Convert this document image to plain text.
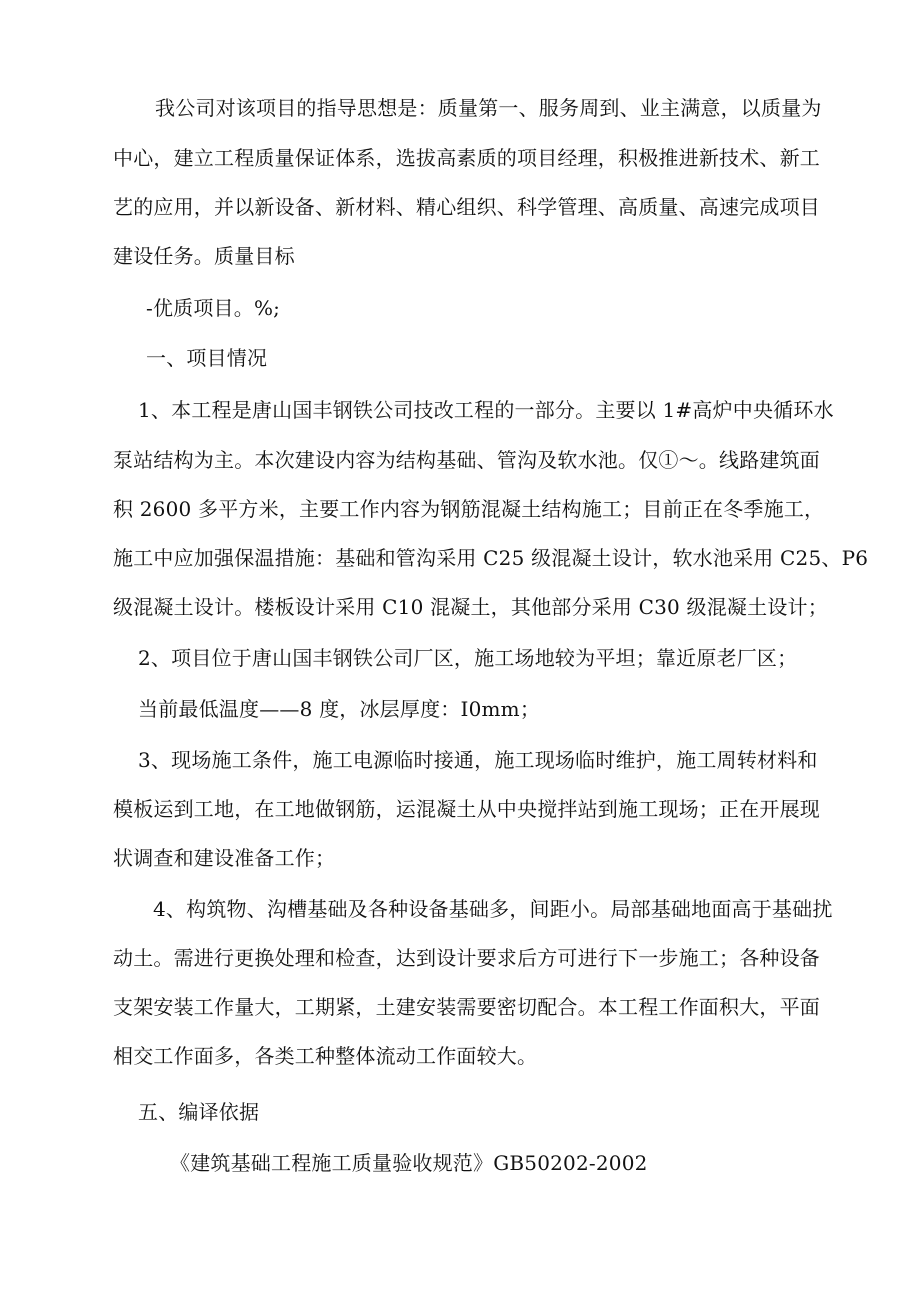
我公司对该项目的指导思想是：质量第一、服务周到、业主满意，以质量为
中心，建立工程质量保证体系，选拔高素质的项目经理，积极推进新技术、新工
艺的应用，并以新设备、新材料、精心组织、科学管理、高质量、高速完成项目
建设任务。质量目标
-优质项目。%;
一、项目情况
1、本工程是唐山国丰钢铁公司技改工程的一部分。主要以 1#高炉中央循环水
泵站结构为主。本次建设内容为结构基础、管沟及软水池。仅①～。线路建筑面
积 2600 多平方米，主要工作内容为钢筋混凝土结构施工；目前正在冬季施工，
施工中应加强保温措施：基础和管沟采用 C25 级混凝土设计，软水池采用 C25、P6
级混凝土设计。楼板设计采用 C10 混凝土，其他部分采用 C30 级混凝土设计；
2、项目位于唐山国丰钢铁公司厂区，施工场地较为平坦；靠近原老厂区；
当前最低温度——8 度，冰层厚度：I0mm；
3、现场施工条件，施工电源临时接通，施工现场临时维护，施工周转材料和
模板运到工地，在工地做钢筋，运混凝土从中央搅拌站到施工现场；正在开展现
状调查和建设准备工作；
4、构筑物、沟槽基础及各种设备基础多，间距小。局部基础地面高于基础扰
动土。需进行更换处理和检查，达到设计要求后方可进行下一步施工；各种设备
支架安装工作量大，工期紧，土建安装需要密切配合。本工程工作面积大，平面
相交工作面多，各类工种整体流动工作面较大。
五、编译依据
《建筑基础工程施工质量验收规范》GB50202-2002
